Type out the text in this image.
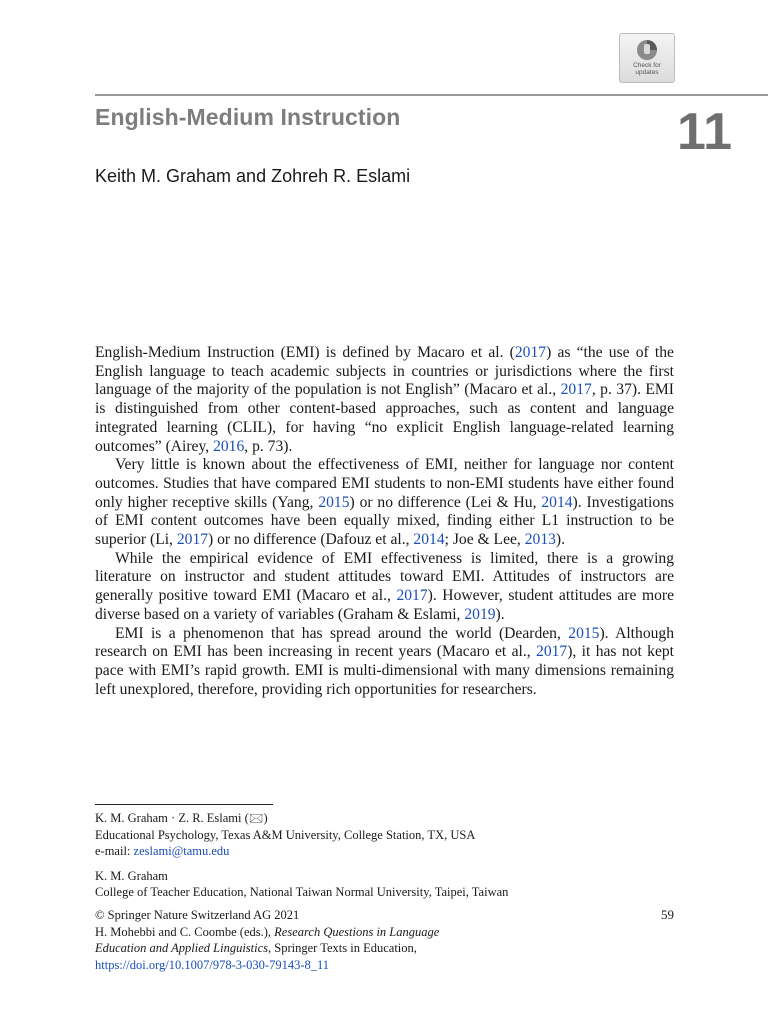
Check for
updates
English-Medium Instruction	11
Keith M. Graham and Zohreh R. Eslami

English-Medium Instruction (EMI) is defined by Macaro et al. (2017) as “the use of the English language to teach academic subjects in countries or jurisdictions where the first language of the majority of the population is not English” (Macaro et al., 2017, p. 37). EMI is distinguished from other content-based approaches, such as content and language integrated learning (CLIL), for having “no explicit English language-related learning outcomes” (Airey, 2016, p. 73).

Very little is known about the effectiveness of EMI, neither for language nor content outcomes. Studies that have compared EMI students to non-EMI students have either found only higher receptive skills (Yang, 2015) or no difference (Lei & Hu, 2014). Investigations of EMI content outcomes have been equally mixed, finding either L1 instruction to be superior (Li, 2017) or no difference (Dafouz et al., 2014; Joe & Lee, 2013).

While the empirical evidence of EMI effectiveness is limited, there is a growing literature on instructor and student attitudes toward EMI. Attitudes of instructors are generally positive toward EMI (Macaro et al., 2017). However, student attitudes are more diverse based on a variety of variables (Graham & Eslami, 2019).

EMI is a phenomenon that has spread around the world (Dearden, 2015). Although research on EMI has been increasing in recent years (Macaro et al., 2017), it has not kept pace with EMI’s rapid growth. EMI is multi-dimensional with many dimensions remaining left unexplored, therefore, providing rich opportunities for researchers.

K. M. Graham · Z. R. Eslami (🖂)
Educational Psychology, Texas A&M University, College Station, TX, USA
e-mail: zeslami@tamu.edu
K. M. Graham
College of Teacher Education, National Taiwan Normal University, Taipei, Taiwan
© Springer Nature Switzerland AG 2021
H. Mohebbi and C. Coombe (eds.), Research Questions in Language
Education and Applied Linguistics, Springer Texts in Education,
https://doi.org/10.1007/978-3-030-79143-8_11
59
